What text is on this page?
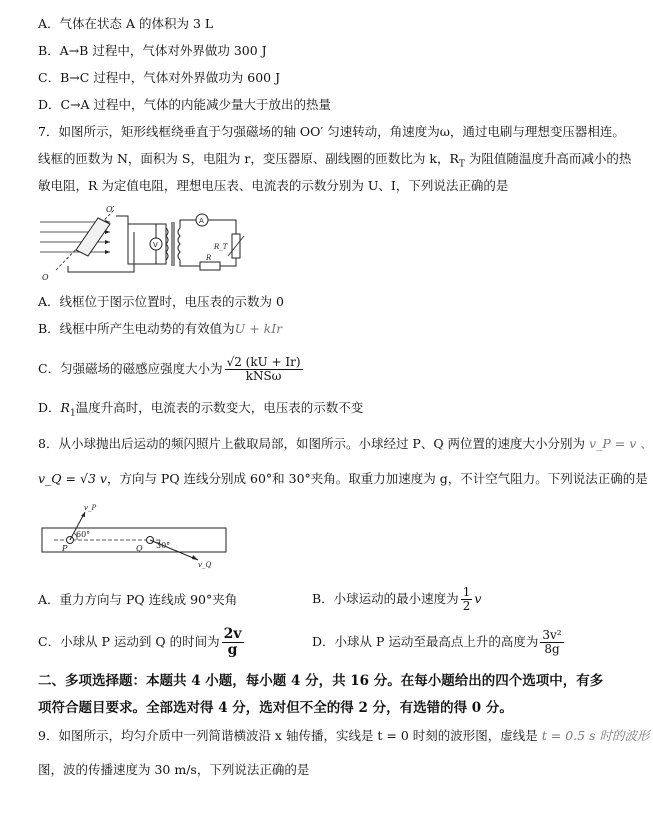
A．气体在状态 A 的体积为 3 L
B．A→B 过程中，气体对外界做功 300 J
C．B→C 过程中，气体对外界做功为 600 J
D．C→A 过程中，气体的内能减少量大于放出的热量
7．如图所示，矩形线框绕垂直于匀强磁场的轴 OO′ 匀速转动，角速度为ω，通过电刷与理想变压器相连。
线框的匝数为 N，面积为 S，电阻为 r，变压器原、副线圈的匝数比为 k，$R_T$ 为阻值随温度升高而减小的热
敏电阻，R 为定值电阻，理想电压表、电流表的示数分别为 U、I，下列说法正确的是
O′
O
V
A
R_T
R
A．线框位于图示位置时，电压表的示数为 0
B．线框中所产生电动势的有效值为U + kIr
C．匀强磁场的磁感应强度大小为 $\frac{√2 (kU + Ir)}{\text{kNSω}}$
D．$R_1$温度升高时，电流表的示数变大，电压表的示数不变
8．从小球抛出后运动的频闪照片上截取局部，如图所示。小球经过 P、Q 两位置的速度大小分别为 v_P = v 、
v_Q = √3 v，方向与 PQ 连线分别成 60°和 30°夹角。取重力加速度为 g，不计空气阻力。下列说法正确的是
v_P
P
60°
Q 30°
v_Q
A．重力方向与 PQ 连线成 90°夹角	B．小球运动的最小速度为 $\frac{1}{2}$ v
C．小球从 P 运动到 Q 的时间为 $\frac{2v}{g}$	D．小球从 P 运动至最高点上升的高度为 $\frac{\text{3v²}}{8g}$
二、多项选择题：本题共 4 小题，每小题 4 分，共 16 分。在每小题给出的四个选项中，有多
项符合题目要求。全部选对得 4 分，选对但不全的得 2 分，有选错的得 0 分。
9．如图所示，均匀介质中一列简谐横波沿 x 轴传播，实线是 t = 0 时刻的波形图，虚线是 t = 0.5 s 时的波形
图，波的传播速度为 30 m/s，下列说法正确的是
